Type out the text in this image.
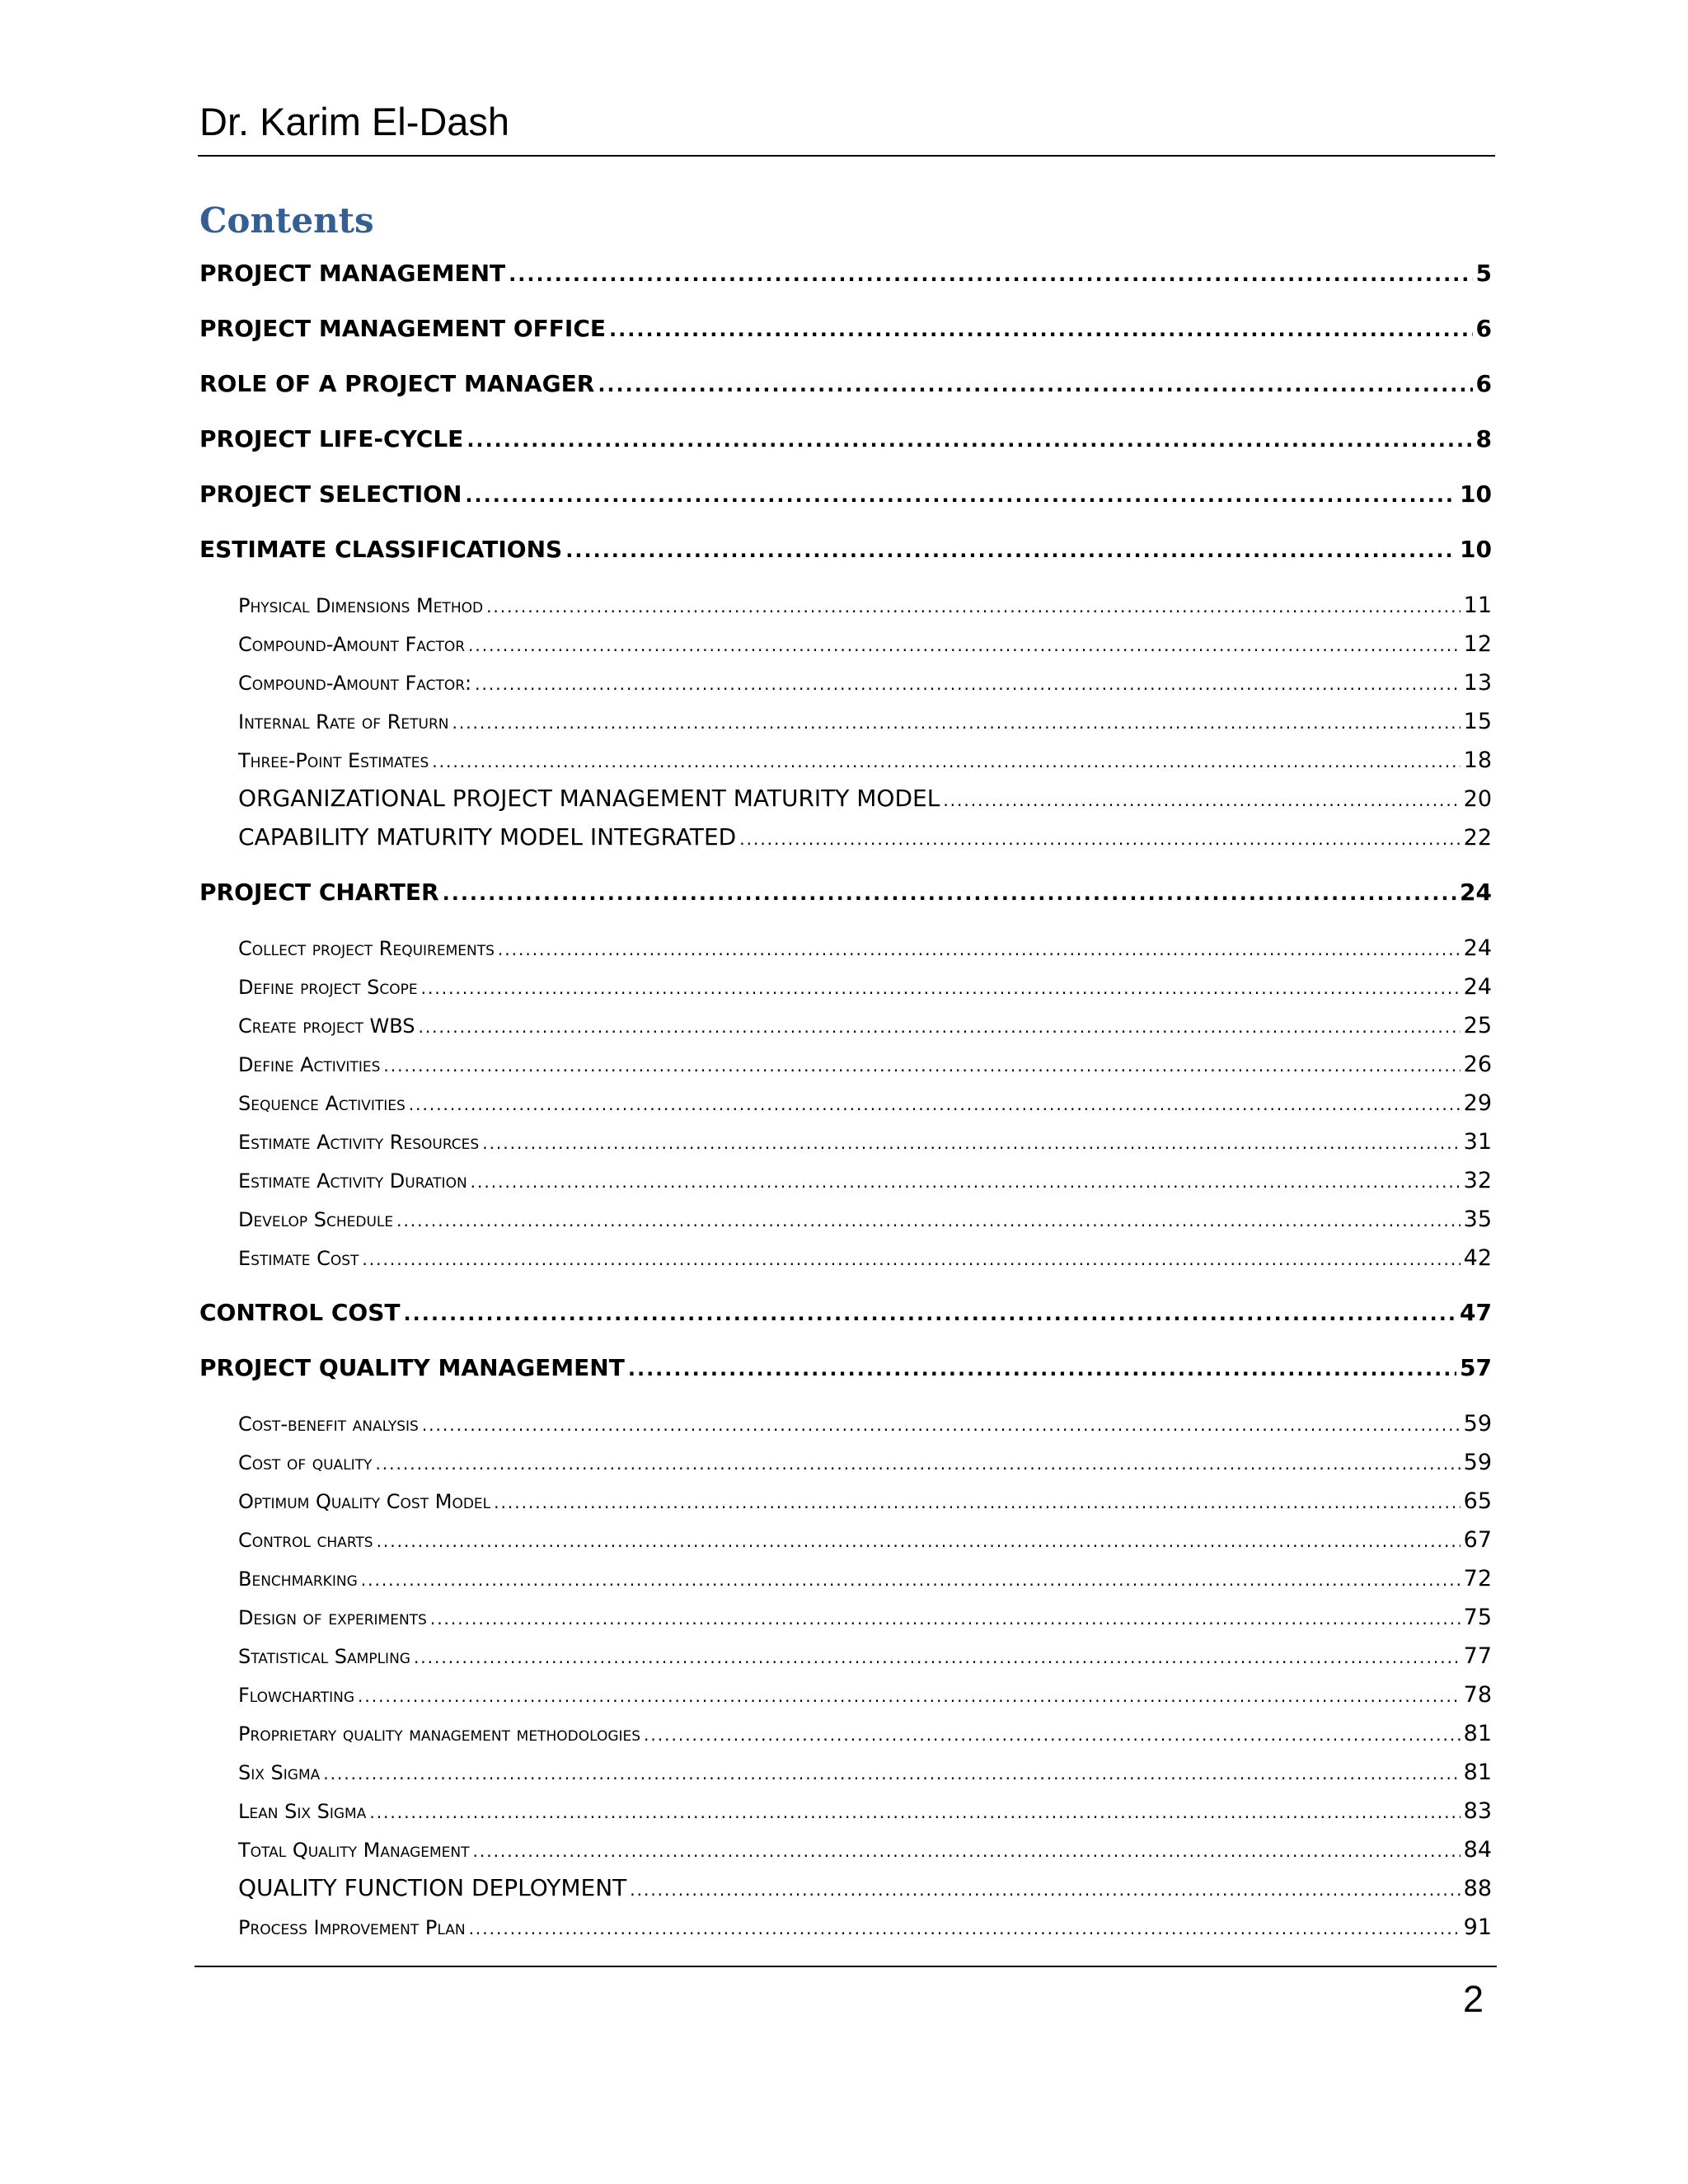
Dr. Karim El-Dash
Contents
PROJECT MANAGEMENT .....	5
PROJECT MANAGEMENT OFFICE .....	6
ROLE OF A PROJECT MANAGER .....	6
PROJECT LIFE-CYCLE .....	8
PROJECT SELECTION .....	10
ESTIMATE CLASSIFICATIONS .....	10
Physical Dimensions Method .....	11
Compound-Amount Factor .....	12
Compound-Amount Factor: .....	13
Internal Rate of Return .....	15
Three-Point Estimates .....	18
ORGANIZATIONAL PROJECT MANAGEMENT MATURITY MODEL .....	20
CAPABILITY MATURITY MODEL INTEGRATED .....	22
PROJECT CHARTER .....	24
Collect project Requirements .....	24
Define project Scope .....	24
Create project WBS .....	25
Define Activities .....	26
Sequence Activities .....	29
Estimate Activity Resources .....	31
Estimate Activity Duration .....	32
Develop Schedule .....	35
Estimate Cost .....	42
CONTROL COST .....	47
PROJECT QUALITY MANAGEMENT .....	57
Cost-benefit analysis .....	59
Cost of quality .....	59
Optimum Quality Cost Model .....	65
Control charts .....	67
Benchmarking .....	72
Design of experiments .....	75
Statistical Sampling .....	77
Flowcharting .....	78
Proprietary quality management methodologies .....	81
Six Sigma .....	81
Lean Six Sigma .....	83
Total Quality Management .....	84
QUALITY FUNCTION DEPLOYMENT .....	88
Process Improvement Plan .....	91
2
